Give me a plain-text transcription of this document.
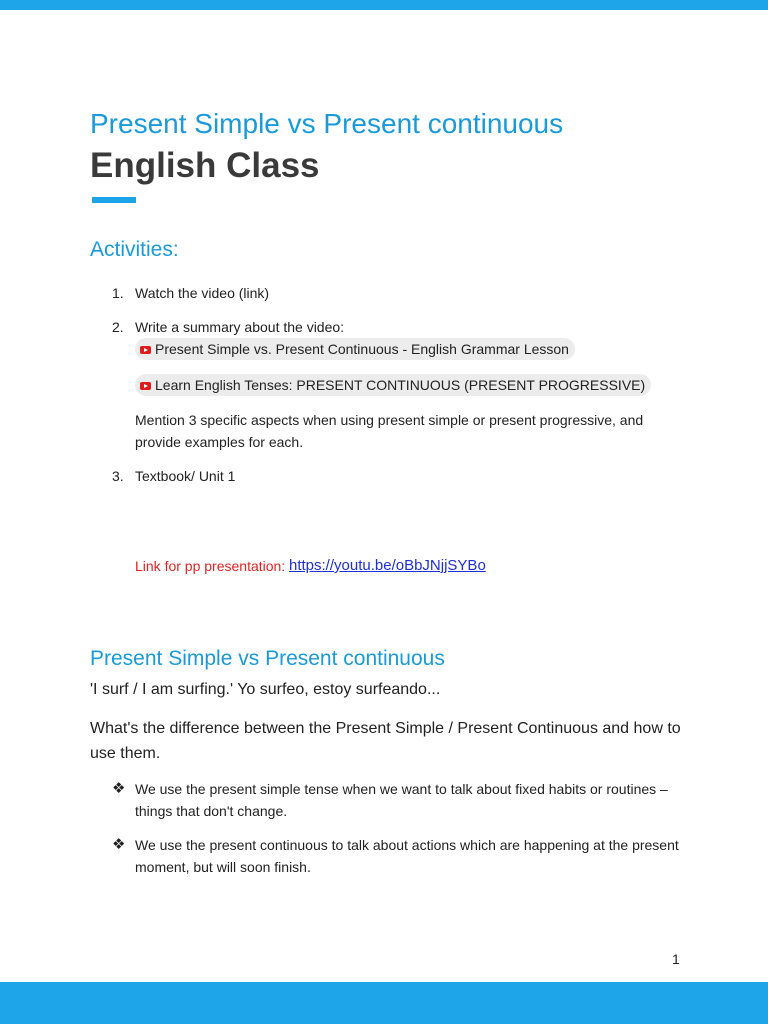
Present Simple vs Present continuous
English Class
Activities:
1. Watch the video (link)
2. Write a summary about the video:
Present Simple vs. Present Continuous - English Grammar Lesson
Learn English Tenses: PRESENT CONTINUOUS (PRESENT PROGRESSIVE)
Mention 3 specific aspects when using present simple or present progressive, and provide examples for each.
3. Textbook/ Unit 1
Link for pp presentation: https://youtu.be/oBbJNjjSYBo
Present Simple vs Present continuous
'I surf / I am surfing.' Yo surfeo, estoy surfeando...
What's the difference between the Present Simple / Present Continuous and how to use them.
❖ We use the present simple tense when we want to talk about fixed habits or routines – things that don't change.
❖ We use the present continuous to talk about actions which are happening at the present moment, but will soon finish.
1
